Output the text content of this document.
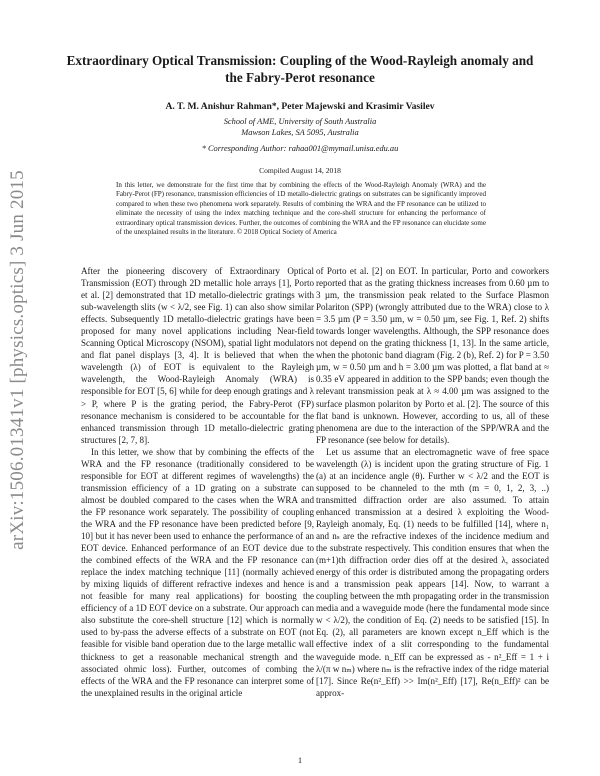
arXiv:1506.01341v1 [physics.optics] 3 Jun 2015
Extraordinary Optical Transmission: Coupling of the Wood-Rayleigh anomaly and the Fabry-Perot resonance
A. T. M. Anishur Rahman*, Peter Majewski and Krasimir Vasilev
School of AME, University of South Australia
Mawson Lakes, SA 5095, Australia
* Corresponding Author: rahaa001@mymail.unisa.edu.au
Compiled August 14, 2018
In this letter, we demonstrate for the first time that by combining the effects of the Wood-Rayleigh Anomaly (WRA) and the Fabry-Perot (FP) resonance, transmission efficiencies of 1D metallo-dielectric gratings on substrates can be significantly improved compared to when these two phenomena work separately. Results of combining the WRA and the FP resonance can be utilized to eliminate the necessity of using the index matching technique and the core-shell structure for enhancing the performance of extraordinary optical transmission devices. Further, the outcomes of combining the WRA and the FP resonance can elucidate some of the unexplained results in the literature. © 2018 Optical Society of America

After the pioneering discovery of Extraordinary Optical Transmission (EOT) through 2D metallic hole arrays [1], Porto et al. [2] demonstrated that 1D metallo-dielectric gratings with sub-wavelength slits (w < λ/2, see Fig. 1) can also show similar effects. Subsequently 1D metallo-dielectric gratings have been proposed for many novel applications including Near-field Scanning Optical Microscopy (NSOM), spatial light modulators and flat panel displays [3, 4]. It is believed that when the wavelength (λ) of EOT is equivalent to the Rayleigh wavelength, the Wood-Rayleigh Anomaly (WRA) is responsible for EOT [5, 6] while for deep enough gratings and λ > P, where P is the grating period, the Fabry-Perot (FP) resonance mechanism is considered to be accountable for the enhanced transmission through 1D metallo-dielectric grating structures [2, 7, 8].

In this letter, we show that by combining the effects of the WRA and the FP resonance (traditionally considered to be responsible for EOT at different regimes of wavelengths) the transmission efficiency of a 1D grating on a substrate can almost be doubled compared to the cases when the WRA and the FP resonance work separately. The possibility of coupling the WRA and the FP resonance have been predicted before [9, 10] but it has never been used to enhance the performance of an EOT device. Enhanced performance of an EOT device due to the combined effects of the WRA and the FP resonance can replace the index matching technique [11] (normally achieved by mixing liquids of different refractive indexes and hence is not feasible for many real applications) for boosting the efficiency of a 1D EOT device on a substrate. Our approach can also substitute the core-shell structure [12] which is normally used to by-pass the adverse effects of a substrate on EOT (not feasible for visible band operation due to the large metallic wall thickness to get a reasonable mechanical strength and the associated ohmic loss). Further, outcomes of combing the effects of the WRA and the FP resonance can interpret some of the unexplained results in the original article

of Porto et al. [2] on EOT. In particular, Porto and coworkers reported that as the grating thickness increases from 0.60 µm to 3 µm, the transmission peak related to the Surface Plasmon Polariton (SPP) (wrongly attributed due to the WRA) close to λ = 3.5 µm (P = 3.50 µm, w = 0.50 µm, see Fig. 1, Ref. 2) shifts towards longer wavelengths. Although, the SPP resonance does not depend on the grating thickness [1, 13]. In the same article, when the photonic band diagram (Fig. 2 (b), Ref. 2) for P = 3.50 µm, w = 0.50 µm and h = 3.00 µm was plotted, a flat band at ≈ 0.35 eV appeared in addition to the SPP bands; even though the relevant transmission peak at λ ≈ 4.00 µm was assigned to the surface plasmon polariton by Porto et al. [2]. The source of this flat band is unknown. However, according to us, all of these phenomena are due to the interaction of the SPP/WRA and the FP resonance (see below for details).

Let us assume that an electromagnetic wave of free space wavelength (λ) is incident upon the grating structure of Fig. 1 (a) at an incidence angle (θ). Further w < λ/2 and the EOT is supposed to be channeled to the mth (m = 0, 1, 2, 3, ..) transmitted diffraction order are also assumed. To attain enhanced transmission at a desired λ exploiting the Wood-Rayleigh anomaly, Eq. (1) needs to be fulfilled [14], where n₁ and nₛ are the refractive indexes of the incidence medium and the substrate respectively. This condition ensures that when the (m+1)th diffraction order dies off at the desired λ, associated energy of this order is distributed among the propagating orders and a transmission peak appears [14]. Now, to warrant a coupling between the mth propagating order in the transmission media and a waveguide mode (here the fundamental mode since w < λ/2), the condition of Eq. (2) needs to be satisfied [15]. In Eq. (2), all parameters are known except n_Eff which is the effective index of a slit corresponding to the fundamental waveguide mode. n_Eff can be expressed as - n²_Eff = 1 + i λ/(π w nₘ) where nₘ is the refractive index of the ridge material [17]. Since Re(n²_Eff) >> Im(n²_Eff) [17], Re(n_Eff)² can be approx-

1
